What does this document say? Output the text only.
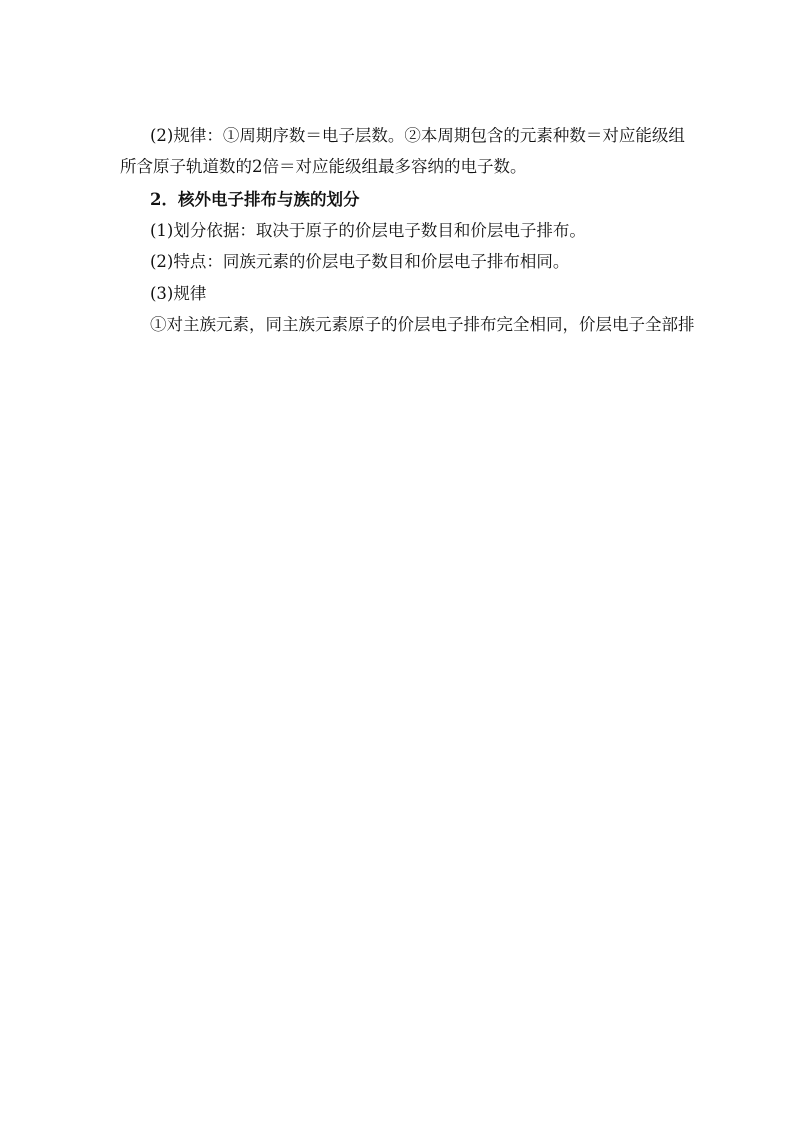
(2)规律：①周期序数＝电子层数。②本周期包含的元素种数＝对应能级组
所含原子轨道数的2倍＝对应能级组最多容纳的电子数。
2．核外电子排布与族的划分
(1)划分依据：取决于原子的价层电子数目和价层电子排布。
(2)特点：同族元素的价层电子数目和价层电子排布相同。
(3)规律
①对主族元素，同主族元素原子的价层电子排布完全相同，价层电子全部排
